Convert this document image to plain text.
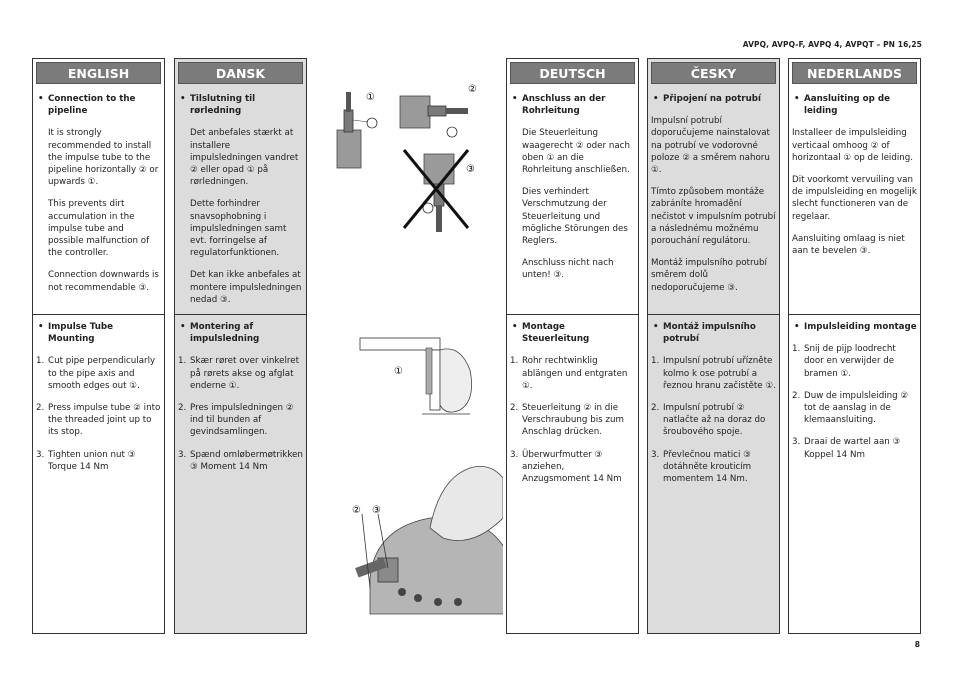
AVPQ, AVPQ-F, AVPQ 4, AVPQT – PN 16,25
ENGLISH
• Connection to the pipeline

It is strongly recommended to install the impulse tube to the pipeline horizontally ② or upwards ①.

This prevents dirt accumulation in the impulse tube and possible malfunction of the controller.

Connection downwards is not recommendable ③.

• Impulse Tube Mounting
1. Cut pipe perpendicularly to the pipe axis and smooth edges out ①.
2. Press impulse tube ② into the threaded joint up to its stop.
3. Tighten union nut ③ Torque 14 Nm
DANSK
• Tilslutning til rørledning

Det anbefales stærkt at installere impulsledningen vandret ② eller opad ① på rørledningen.

Dette forhindrer snavsophobning i impulsledningen samt evt. forringelse af regulatorfunktionen.

Det kan ikke anbefales at montere impulsledningen nedad ③.

• Montering af impulsledning
1. Skær røret over vinkelret på rørets akse og afglat enderne ①.
2. Pres impulsledningen ② ind til bunden af gevindsamlingen.
3. Spænd omløbermøtrikken ③ Moment 14 Nm
①
②
③
①
② ③
DEUTSCH
• Anschluss an der Rohrleitung

Die Steuerleitung waagerecht ② oder nach oben ① an die Rohrleitung anschließen.

Dies verhindert Verschmutzung der Steuerleitung und mögliche Störungen des Reglers.

Anschluss nicht nach unten! ③.

• Montage Steuerleitung
1. Rohr rechtwinklig ablängen und entgraten ①.
2. Steuerleitung ② in die Verschraubung bis zum Anschlag drücken.
3. Überwurfmutter ③ anziehen, Anzugsmoment 14 Nm
ČESKY
• Připojení na potrubí

Impulsní potrubí doporučujeme nainstalovat na potrubí ve vodorovné poloze ② a směrem nahoru ①.

Tímto způsobem montáže zabráníte hromadění nečistot v impulsním potrubí a následnému možnému porouchání regulátoru.

Montáž impulsního potrubí směrem dolů nedoporučujeme ③.

• Montáž impulsního potrubí
1. Impulsní potrubí uřízněte kolmo k ose potrubí a řeznou hranu začistěte ①.
2. Impulsní potrubí ② natlačte až na doraz do šroubového spoje.
3. Převlečnou matici ③ dotáhněte krouticím momentem 14 Nm.
NEDERLANDS
• Aansluiting op de leiding

Installeer de impulsleiding verticaal omhoog ② of horizontaal ① op de leiding.

Dit voorkomt vervuiling van de impulsleiding en mogelijk slecht functioneren van de regelaar.

Aansluiting omlaag is niet aan te bevelen ③.

• Impulsleiding montage
1. Snij de pijp loodrecht door en verwijder de bramen ①.
2. Duw de impulsleiding ② tot de aanslag in de klemaansluiting.
3. Draai de wartel aan ③ Koppel 14 Nm
8
